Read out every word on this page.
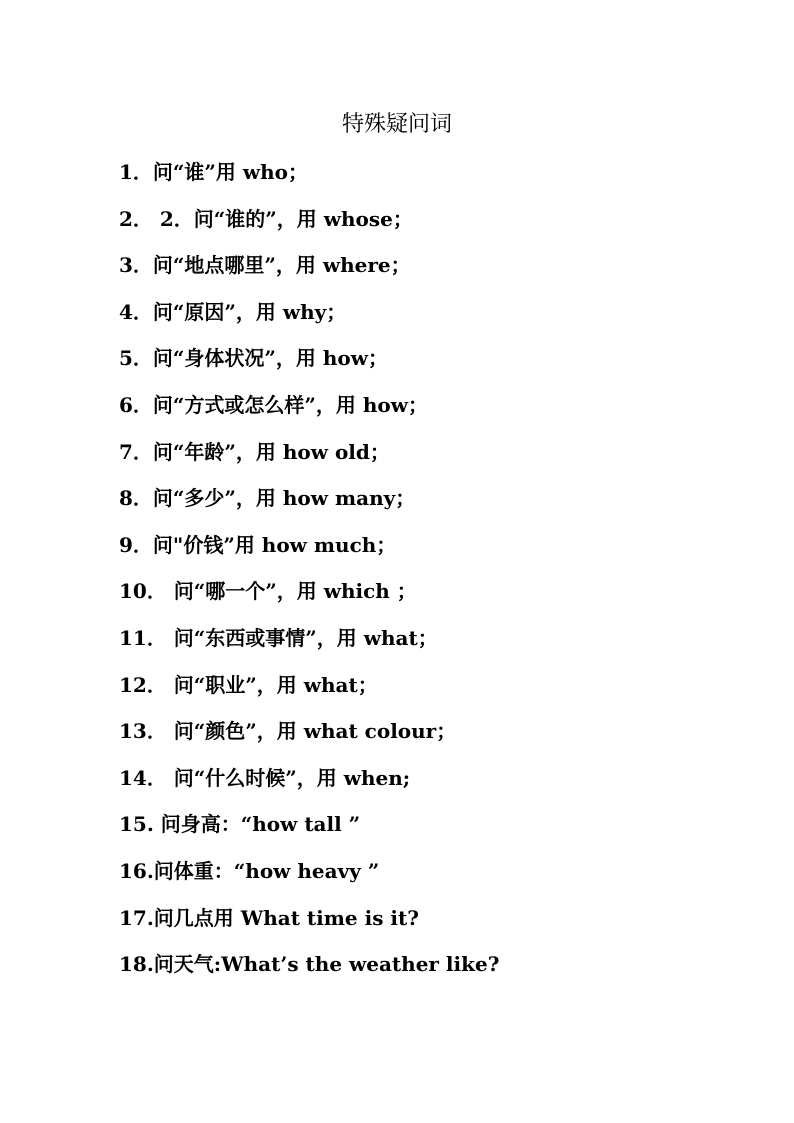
特殊疑问词
1．问“谁”用 who；
2． 2．问“谁的”，用 whose；
3．问“地点哪里”，用 where；
4．问“原因”，用 why；
5．问“身体状况”，用 how；
6．问“方式或怎么样”，用 how；
7．问“年龄”，用 how old；
8．问“多少”，用 how many；
9．问"价钱”用 how much；
10． 问“哪一个”，用 which ；
11． 问“东西或事情”，用 what；
12． 问“职业”，用 what；
13． 问“颜色”，用 what colour；
14． 问“什么时候”，用 when;
15. 问身高：“how tall ”
16.问体重：“how heavy ”
17.问几点用 What time is it?
18.问天气:What’s the weather like?
